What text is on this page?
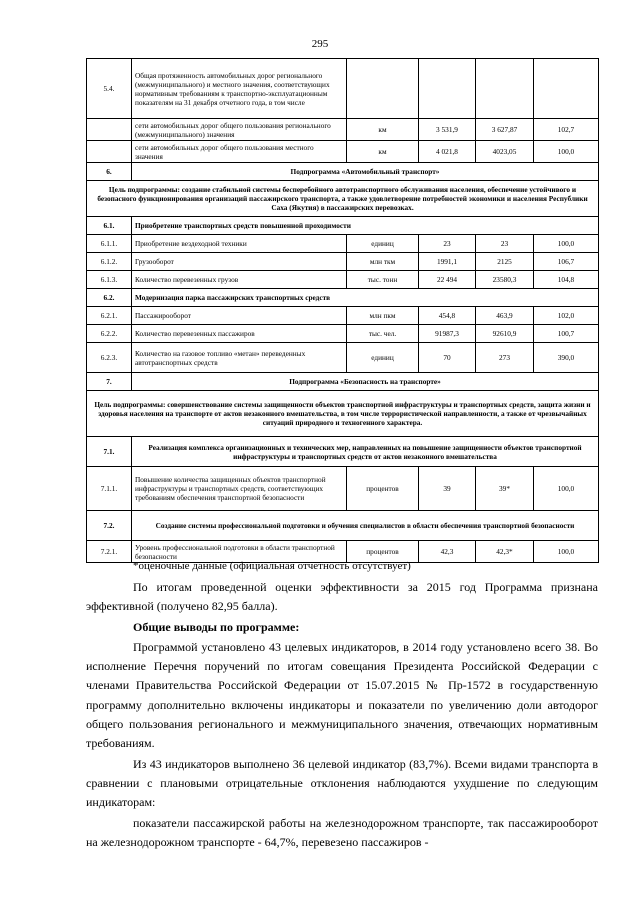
295
5.4.	Общая протяженность автомобильных дорог регионального (межмуниципального) и местного значения, соответствующих нормативным требованиям к транспортно-эксплуатационным показателям на 31 декабря отчетного года, в том числе				
	сети автомобильных дорог общего пользования регионального (межмуниципального) значения	км	3 531,9	3 627,87	102,7
	сети автомобильных дорог общего пользования местного значения	км	4 021,8	4023,05	100,0
6.	Подпрограмма «Автомобильный транспорт»				
Цель подпрограммы: создание стабильной системы бесперебойного автотранспортного обслуживания населения, обеспечение устойчивого и безопасного функционирования организаций пассажирского транспорта, а также удовлетворение потребностей экономики и населения Республики Саха (Якутия) в пассажирских перевозках.					
6.1.	Приобретение транспортных средств повышенной проходимости				
6.1.1.	Приобретение вездеходной техники	единиц	23	23	100,0
6.1.2.	Грузооборот	млн ткм	1991,1	2125	106,7
6.1.3.	Количество перевезенных грузов	тыс. тонн	22 494	23580,3	104,8
6.2.	Модернизация парка пассажирских транспортных средств				
6.2.1.	Пассажирооборот	млн пкм	454,8	463,9	102,0
6.2.2.	Количество перевезенных пассажиров	тыс. чел.	91987,3	92610,9	100,7
6.2.3.	Количество на газовое топливо «метан» переведенных автотранспортных средств	единиц	70	273	390,0
7.	Подпрограмма «Безопасность на транспорте»				
Цель подпрограммы: совершенствование системы защищенности объектов транспортной инфраструктуры и транспортных средств, защита жизни и здоровья населения на транспорте от актов незаконного вмешательства, в том числе террористической направленности, а также от чрезвычайных ситуаций природного и техногенного характера.					
7.1.	Реализация комплекса организационных и технических мер, направленных на повышение защищенности объектов транспортной инфраструктуры и транспортных средств от актов незаконного вмешательства				
7.1.1.	Повышение количества защищенных объектов транспортной инфраструктуры и транспортных средств, соответствующих требованиям обеспечения транспортной безопасности	процентов	39	39*	100,0
7.2.	Создание системы профессиональной подготовки и обучения специалистов в области обеспечения транспортной безопасности				
7.2.1.	Уровень профессиональной подготовки в области транспортной безопасности	процентов	42,3	42,3*	100,0
*оценочные данные (официальная отчетность отсутствует)

По итогам проведенной оценки эффективности за 2015 год Программа признана эффективной (получено 82,95 балла).

Общие выводы по программе:

Программой установлено 43 целевых индикаторов, в 2014 году установлено всего 38. Во исполнение Перечня поручений по итогам совещания Президента Российской Федерации с членами Правительства Российской Федерации от 15.07.2015 № Пр-1572 в государственную программу дополнительно включены индикаторы и показатели по увеличению доли автодорог общего пользования регионального и межмуниципального значения, отвечающих нормативным требованиям.

Из 43 индикаторов выполнено 36 целевой индикатор (83,7%). Всеми видами транспорта в сравнении с плановыми отрицательные отклонения наблюдаются ухудшение по следующим индикаторам:

показатели пассажирской работы на железнодорожном транспорте, так пассажирооборот на железнодорожном транспорте - 64,7%, перевезено пассажиров -
